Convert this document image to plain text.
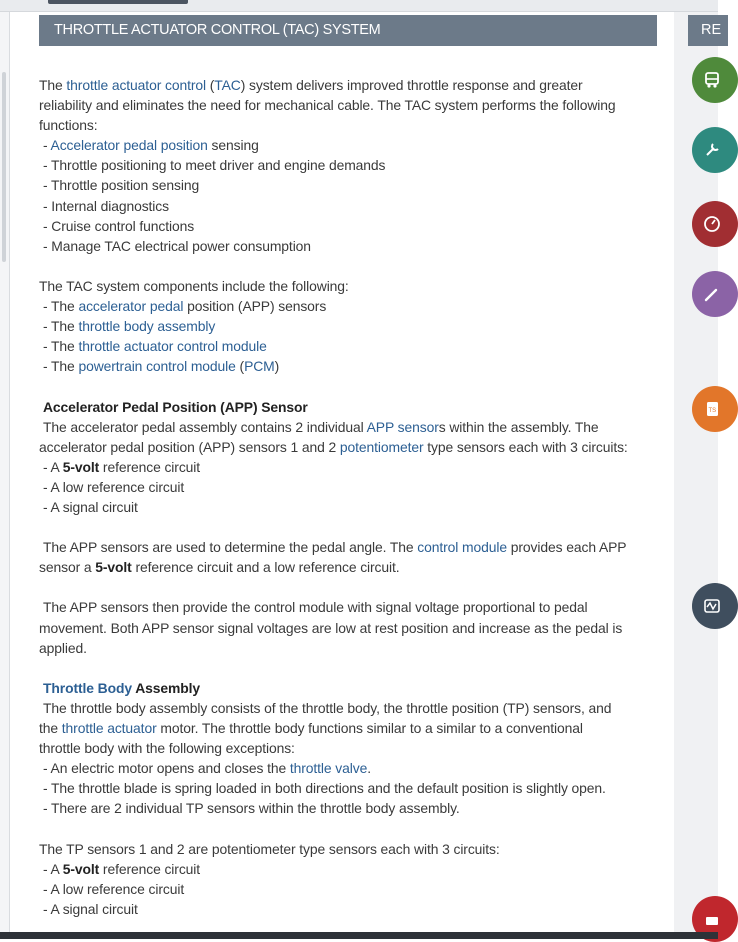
THROTTLE ACTUATOR CONTROL (TAC) SYSTEM
The throttle actuator control (TAC) system delivers improved throttle response and greater
reliability and eliminates the need for mechanical cable. The TAC system performs the following
functions:
- Accelerator pedal position sensing
- Throttle positioning to meet driver and engine demands
- Throttle position sensing
- Internal diagnostics
- Cruise control functions
- Manage TAC electrical power consumption
The TAC system components include the following:
- The accelerator pedal position (APP) sensors
- The throttle body assembly
- The throttle actuator control module
- The powertrain control module (PCM)
Accelerator Pedal Position (APP) Sensor
The accelerator pedal assembly contains 2 individual APP sensors within the assembly. The
accelerator pedal position (APP) sensors 1 and 2 potentiometer type sensors each with 3 circuits:
- A 5-volt reference circuit
- A low reference circuit
- A signal circuit
The APP sensors are used to determine the pedal angle. The control module provides each APP
sensor a 5-volt reference circuit and a low reference circuit.
The APP sensors then provide the control module with signal voltage proportional to pedal
movement. Both APP sensor signal voltages are low at rest position and increase as the pedal is
applied.
Throttle Body Assembly
The throttle body assembly consists of the throttle body, the throttle position (TP) sensors, and
the throttle actuator motor. The throttle body functions similar to a similar to a conventional
throttle body with the following exceptions:
- An electric motor opens and closes the throttle valve.
- The throttle blade is spring loaded in both directions and the default position is slightly open.
- There are 2 individual TP sensors within the throttle body assembly.
The TP sensors 1 and 2 are potentiometer type sensors each with 3 circuits:
- A 5-volt reference circuit
- A low reference circuit
- A signal circuit
RE
TS
